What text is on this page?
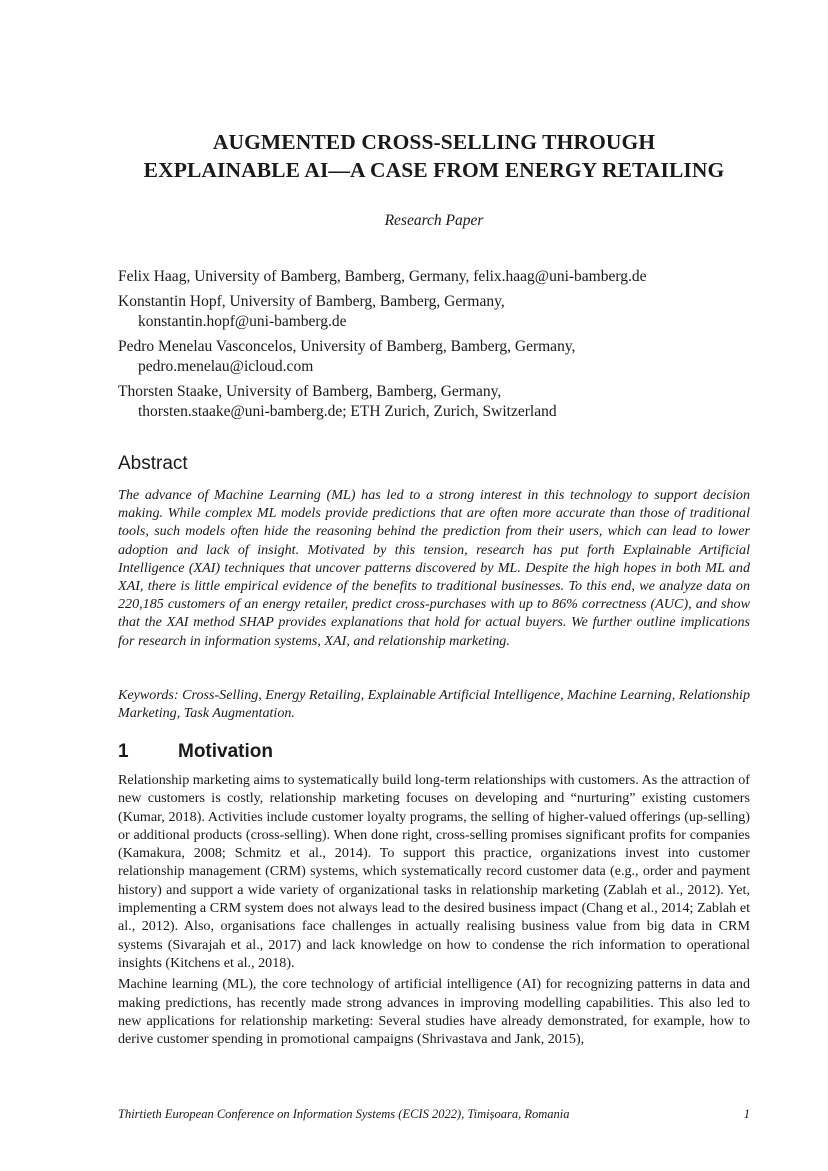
AUGMENTED CROSS-SELLING THROUGH
EXPLAINABLE AI—A CASE FROM ENERGY RETAILING
Research Paper
Felix Haag, University of Bamberg, Bamberg, Germany, felix.haag@uni-bamberg.de
Konstantin Hopf, University of Bamberg, Bamberg, Germany,
konstantin.hopf@uni-bamberg.de
Pedro Menelau Vasconcelos, University of Bamberg, Bamberg, Germany,
pedro.menelau@icloud.com
Thorsten Staake, University of Bamberg, Bamberg, Germany,
thorsten.staake@uni-bamberg.de; ETH Zurich, Zurich, Switzerland
Abstract

The advance of Machine Learning (ML) has led to a strong interest in this technology to support decision making. While complex ML models provide predictions that are often more accurate than those of traditional tools, such models often hide the reasoning behind the prediction from their users, which can lead to lower adoption and lack of insight. Motivated by this tension, research has put forth Explainable Artificial Intelligence (XAI) techniques that uncover patterns discovered by ML. Despite the high hopes in both ML and XAI, there is little empirical evidence of the benefits to traditional businesses. To this end, we analyze data on 220,185 customers of an energy retailer, predict cross-purchases with up to 86% correctness (AUC), and show that the XAI method SHAP provides explanations that hold for actual buyers. We further outline implications for research in information systems, XAI, and relationship marketing.

Keywords: Cross-Selling, Energy Retailing, Explainable Artificial Intelligence, Machine Learning, Relationship Marketing, Task Augmentation.

1	Motivation

Relationship marketing aims to systematically build long-term relationships with customers. As the attraction of new customers is costly, relationship marketing focuses on developing and “nurturing” existing customers (Kumar, 2018). Activities include customer loyalty programs, the selling of higher-valued offerings (up-selling) or additional products (cross-selling). When done right, cross-selling promises significant profits for companies (Kamakura, 2008; Schmitz et al., 2014). To support this practice, organizations invest into customer relationship management (CRM) systems, which systematically record customer data (e.g., order and payment history) and support a wide variety of organizational tasks in relationship marketing (Zablah et al., 2012). Yet, implementing a CRM system does not always lead to the desired business impact (Chang et al., 2014; Zablah et al., 2012). Also, organisations face challenges in actually realising business value from big data in CRM systems (Sivarajah et al., 2017) and lack knowledge on how to condense the rich information to operational insights (Kitchens et al., 2018).

Machine learning (ML), the core technology of artificial intelligence (AI) for recognizing patterns in data and making predictions, has recently made strong advances in improving modelling capabilities. This also led to new applications for relationship marketing: Several studies have already demonstrated, for example, how to derive customer spending in promotional campaigns (Shrivastava and Jank, 2015),

Thirtieth European Conference on Information Systems (ECIS 2022), Timișoara, Romania	1
